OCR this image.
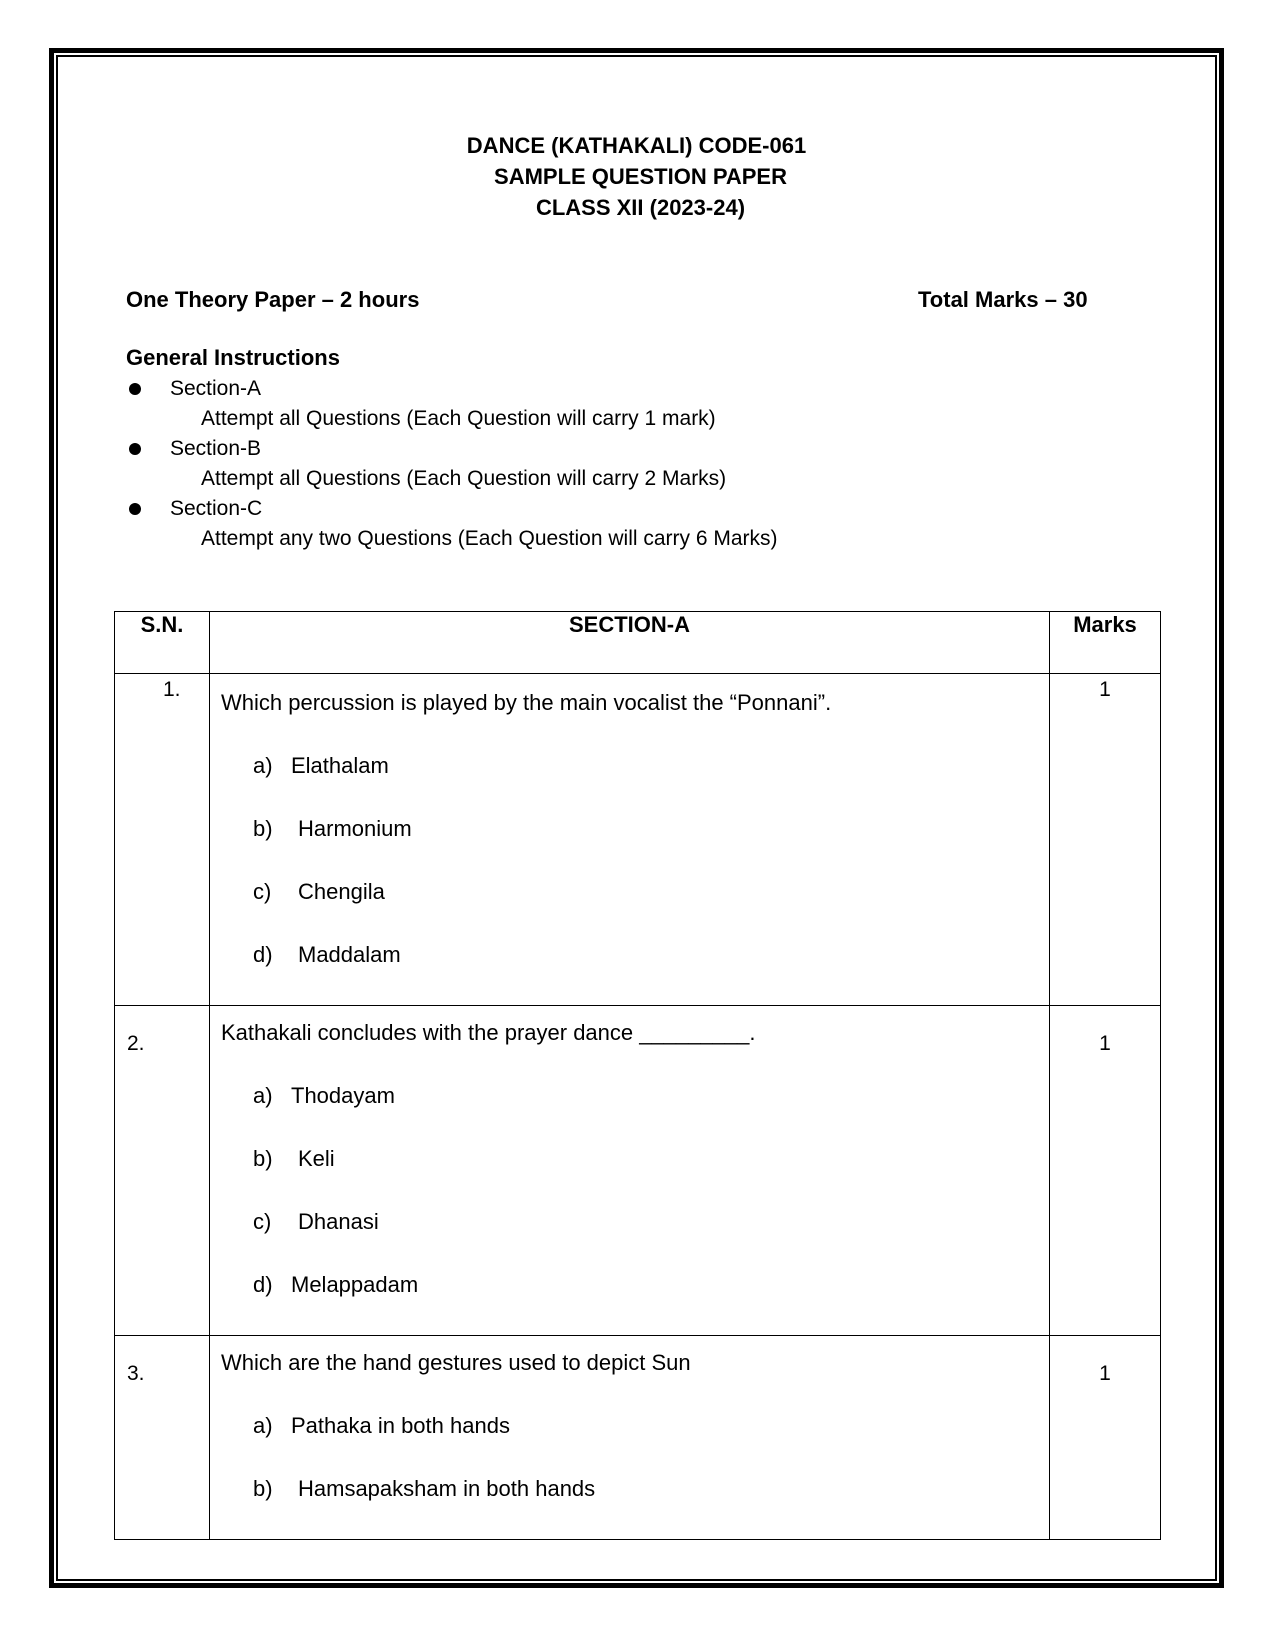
DANCE (KATHAKALI) CODE-061
SAMPLE QUESTION PAPER
CLASS XII (2023-24)
One Theory Paper – 2 hours	Total Marks – 30
General Instructions
Section-A
Attempt all Questions (Each Question will carry 1 mark)
Section-B
Attempt all Questions (Each Question will carry 2 Marks)
Section-C
Attempt any two Questions (Each Question will carry 6 Marks)
S.N.	SECTION-A	Marks
1.	Which percussion is played by the main vocalist the “Ponnani”.
a) Elathalam
b) Harmonium
c) Chengila
d) Maddalam	1
2.	Kathakali concludes with the prayer dance _________.
a) Thodayam
b) Keli
c) Dhanasi
d) Melappadam	1
3.	Which are the hand gestures used to depict Sun
a) Pathaka in both hands
b) Hamsapaksham in both hands	1
